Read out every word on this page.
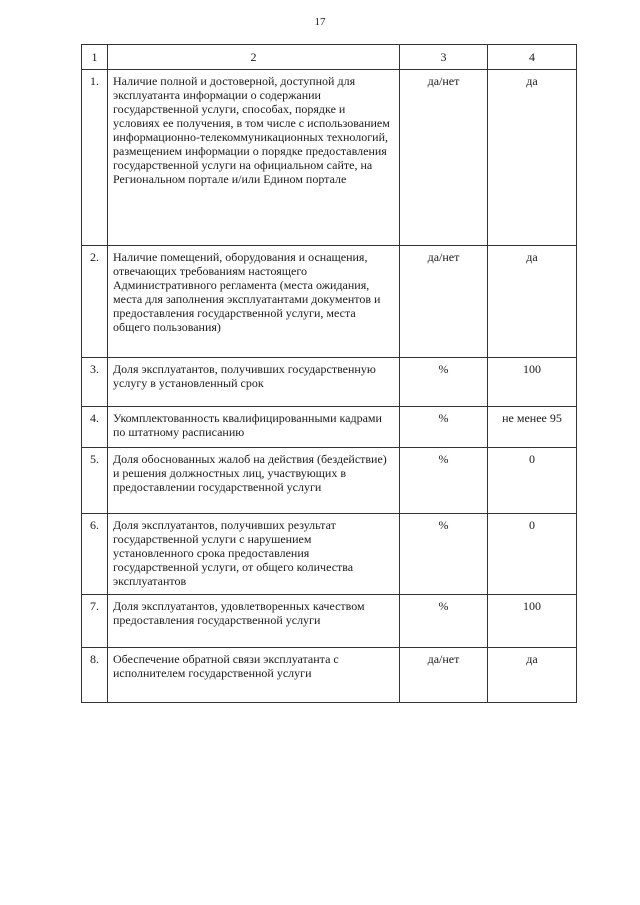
17
1	2	3	4
1.	Наличие полной и достоверной, доступной для эксплуатанта информации о содержании государственной услуги, способах, порядке и условиях ее получения, в том числе с использованием информационно-телекоммуникационных технологий, размещением информации о порядке предоставления государственной услуги на официальном сайте, на Региональном портале и/или Едином портале	да/нет	да
2.	Наличие помещений, оборудования и оснащения, отвечающих требованиям настоящего Административного регламента (места ожидания, места для заполнения эксплуатантами документов и предоставления государственной услуги, места общего пользования)	да/нет	да
3.	Доля эксплуатантов, получивших государственную услугу в установленный срок	%	100
4.	Укомплектованность квалифицированными кадрами по штатному расписанию	%	не менее 95
5.	Доля обоснованных жалоб на действия (бездействие) и решения должностных лиц, участвующих в предоставлении государственной услуги	%	0
6.	Доля эксплуатантов, получивших результат государственной услуги с нарушением установленного срока предоставления государственной услуги, от общего количества эксплуатантов	%	0
7.	Доля эксплуатантов, удовлетворенных качеством предоставления государственной услуги	%	100
8.	Обеспечение обратной связи эксплуатанта с исполнителем государственной услуги	да/нет	да
